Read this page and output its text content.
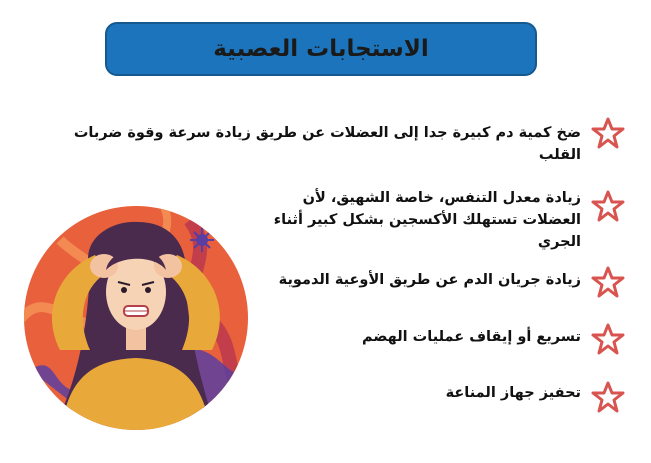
الاستجابات العصبية
ضخ كمية دم كبيرة جدا إلى العضلات عن طريق زيادة سرعة وقوة ضربات القلب
زيادة معدل التنفس، خاصة الشهيق، لأن العضلات تستهلك الأكسجين بشكل كبير أثناء الجري
زيادة جريان الدم عن طريق الأوعية الدموية
تسريع أو إيقاف عمليات الهضم
تحفيز جهاز المناعة
